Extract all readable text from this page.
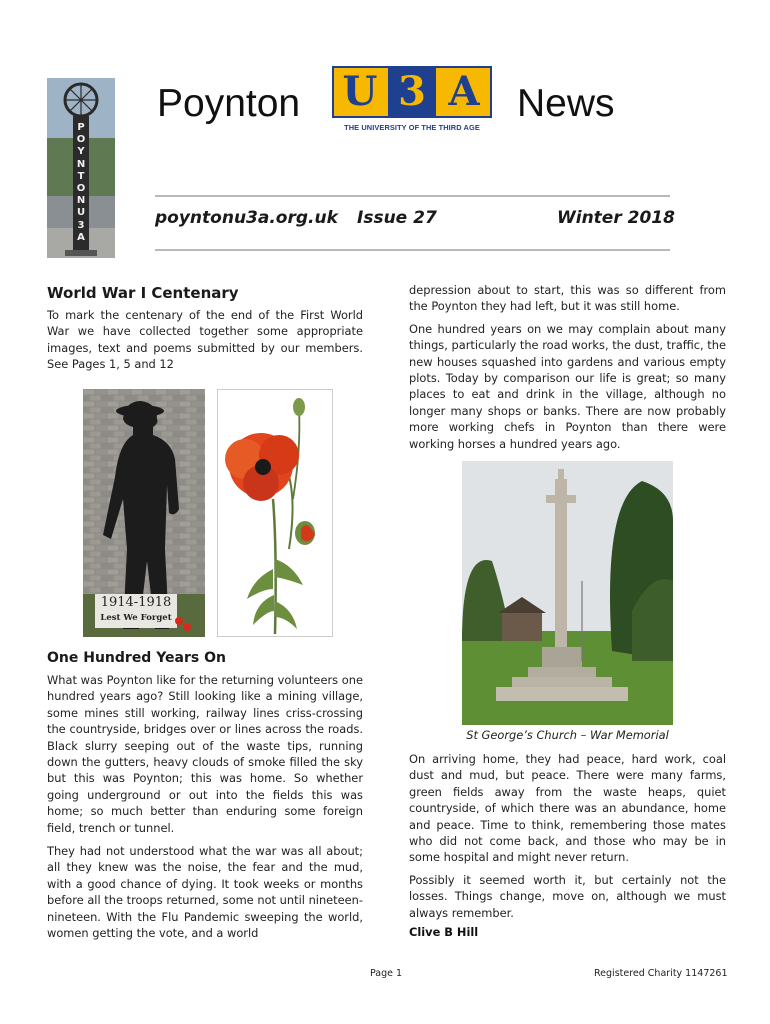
POYNTONU3A
Poynton U 3 A
THE UNIVERSITY OF THE THIRD AGE
News
poyntonu3a.org.uk Issue 27	Winter 2018
World War I Centenary

To mark the centenary of the end of the First World War we have collected together some appropriate images, text and poems submitted by our members. See Pages 1, 5 and 12

1914-1918
Lest We Forget
One Hundred Years On

What was Poynton like for the returning volunteers one hundred years ago? Still looking like a mining village, some mines still working, railway lines criss-crossing the countryside, bridges over or lines across the roads. Black slurry seeping out of the waste tips, running down the gutters, heavy clouds of smoke filled the sky but this was Poynton; this was home. So whether going underground or out into the fields this was home; so much better than enduring some foreign field, trench or tunnel.

They had not understood what the war was all about; all they knew was the noise, the fear and the mud, with a good chance of dying. It took weeks or months before all the troops returned, some not until nineteen-nineteen. With the Flu Pandemic sweeping the world, women getting the vote, and a world

depression about to start, this was so different from the Poynton they had left, but it was still home.

One hundred years on we may complain about many things, particularly the road works, the dust, traffic, the new houses squashed into gardens and various empty plots. Today by comparison our life is great; so many places to eat and drink in the village, although no longer many shops or banks. There are now probably more working chefs in Poynton than there were working horses a hundred years ago.

St George’s Church – War Memorial

On arriving home, they had peace, hard work, coal dust and mud, but peace. There were many farms, green fields away from the waste heaps, quiet countryside, of which there was an abundance, home and peace. Time to think, remembering those mates who did not come back, and those who may be in some hospital and might never return.

Possibly it seemed worth it, but certainly not the losses. Things change, move on, although we must always remember.

Clive B Hill
Page 1	Registered Charity 1147261
